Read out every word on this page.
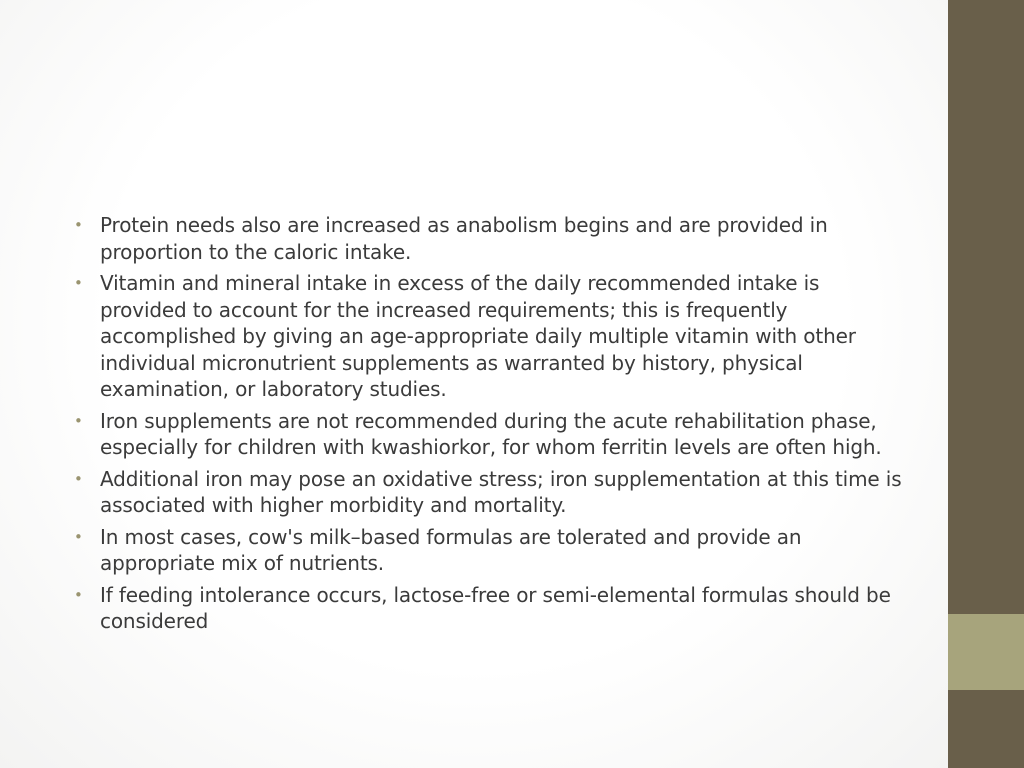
• Protein needs also are increased as anabolism begins and are provided in proportion to the caloric intake.
• Vitamin and mineral intake in excess of the daily recommended intake is provided to account for the increased requirements; this is frequently accomplished by giving an age-appropriate daily multiple vitamin with other individual micronutrient supplements as warranted by history, physical examination, or laboratory studies.
• Iron supplements are not recommended during the acute rehabilitation phase, especially for children with kwashiorkor, for whom ferritin levels are often high.
• Additional iron may pose an oxidative stress; iron supplementation at this time is associated with higher morbidity and mortality.
• In most cases, cow's milk–based formulas are tolerated and provide an appropriate mix of nutrients.
• If feeding intolerance occurs, lactose-free or semi-elemental formulas should be considered
